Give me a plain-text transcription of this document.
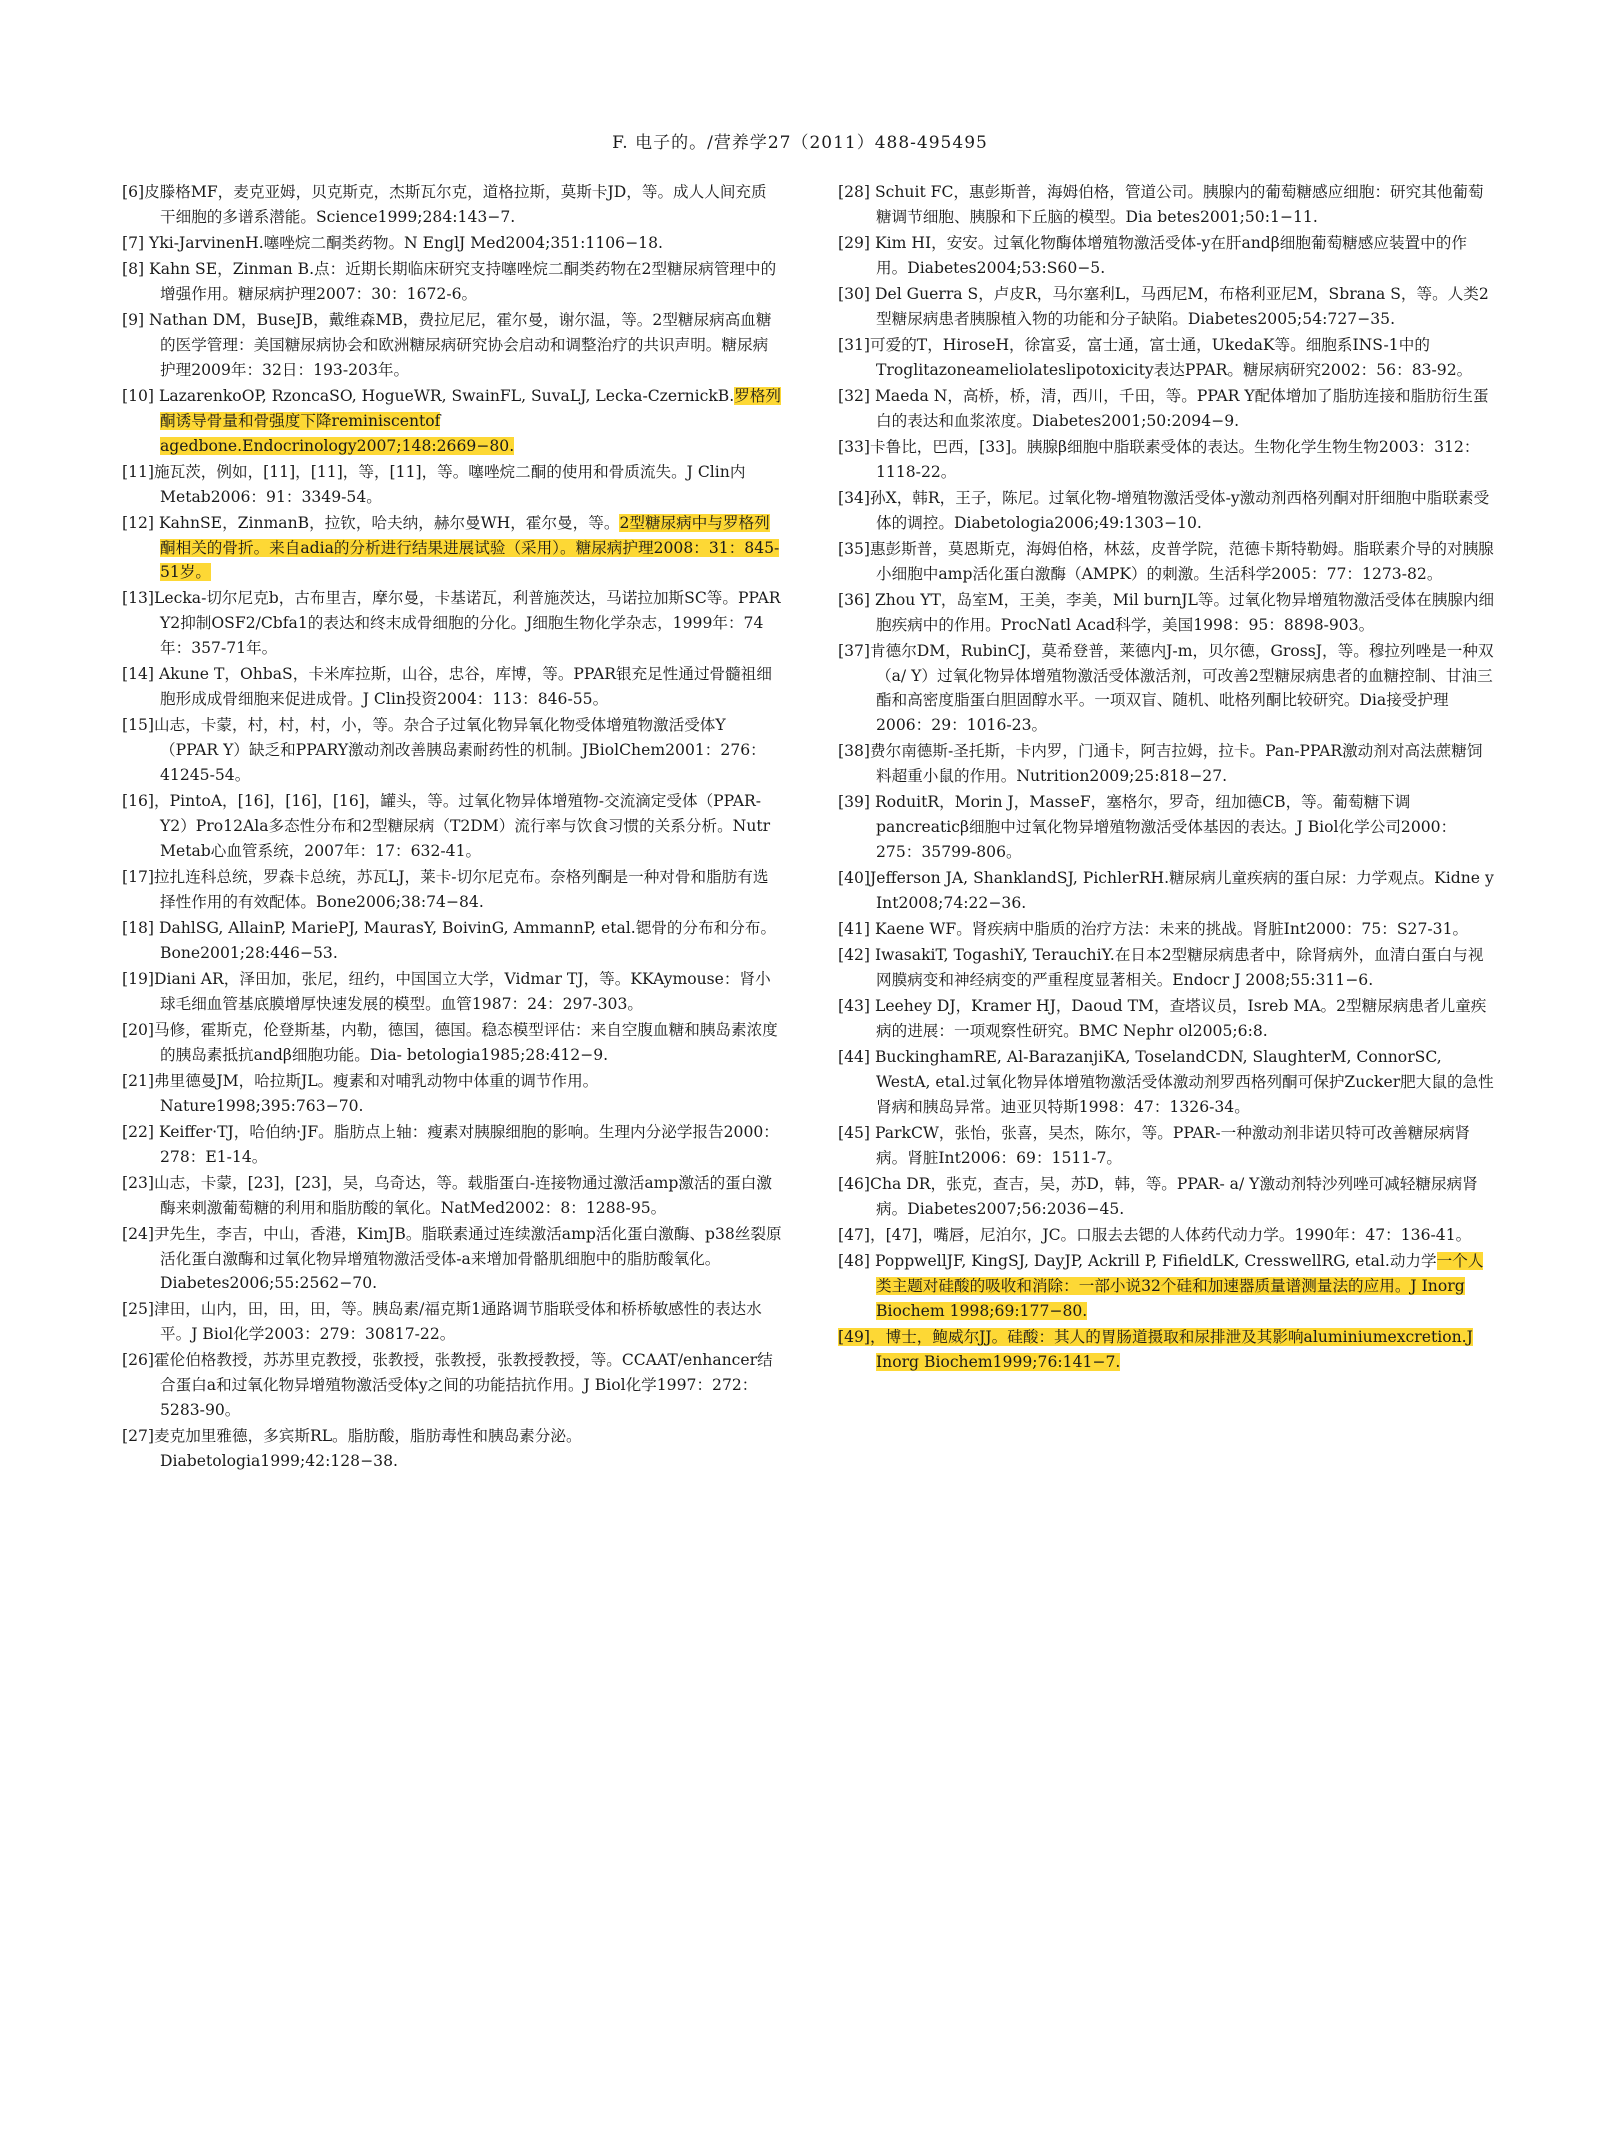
F. 电子的。/营养学27（2011）488-495495

[6]皮滕格MF，麦克亚姆，贝克斯克，杰斯瓦尔克，道格拉斯，莫斯卡JD，等。成人人间充质干细胞的多谱系潜能。Science1999;284:143−7.

[7] Yki-JarvinenH.噻唑烷二酮类药物。N EnglJ Med2004;351:1106−18.

[8] Kahn SE，Zinman B.点：近期长期临床研究支持噻唑烷二酮类药物在2型糖尿病管理中的增强作用。糖尿病护理2007：30：1672-6。

[9] Nathan DM，BuseJB，戴维森MB，费拉尼尼，霍尔曼，谢尔温，等。2型糖尿病高血糖的医学管理：美国糖尿病协会和欧洲糖尿病研究协会启动和调整治疗的共识声明。糖尿病护理2009年：32日：193-203年。

[10] LazarenkoOP, RzoncaSO, HogueWR, SwainFL, SuvaLJ, Lecka-CzernickB.罗格列酮诱导骨量和骨强度下降reminiscentof agedbone.Endocrinology2007;148:2669−80.

[11]施瓦茨，例如，[11]，[11]，等，[11]，等。噻唑烷二酮的使用和骨质流失。J Clin内Metab2006：91：3349-54。

[12] KahnSE，ZinmanB，拉钦，哈夫纳，赫尔曼WH，霍尔曼，等。2型糖尿病中与罗格列酮相关的骨折。来自adia的分析进行结果进展试验（采用）。糖尿病护理2008：31：845-51岁。

[13]Lecka-切尔尼克b，古布里吉，摩尔曼，卡基诺瓦，利普施茨达，马诺拉加斯SC等。PPAR Y2抑制OSF2/Cbfa1的表达和终末成骨细胞的分化。J细胞生物化学杂志，1999年：74年：357-71年。

[14] Akune T，OhbaS，卡米库拉斯，山谷，忠谷，库博，等。PPAR银充足性通过骨髓祖细胞形成成骨细胞来促进成骨。J Clin投资2004：113：846-55。

[15]山志，卡蒙，村，村，村，小，等。杂合子过氧化物异氧化物受体增殖物激活受体Y（PPAR Y）缺乏和PPARY激动剂改善胰岛素耐药性的机制。JBiolChem2001：276：41245-54。

[16]，PintoA，[16]，[16]，[16]，罐头，等。过氧化物异体增殖物-交流滴定受体（PPAR- Y2）Pro12Ala多态性分布和2型糖尿病（T2DM）流行率与饮食习惯的关系分析。Nutr Metab心血管系统，2007年：17：632-41。

[17]拉扎连科总统，罗森卡总统，苏瓦LJ，莱卡-切尔尼克布。奈格列酮是一种对骨和脂肪有选择性作用的有效配体。Bone2006;38:74−84.

[18] DahlSG, AllainP, MariePJ, MaurasY, BoivinG, AmmannP, etal.锶骨的分布和分布。Bone2001;28:446−53.

[19]Diani AR，泽田加，张尼，纽约，中国国立大学，Vidmar TJ，等。KKAymouse：肾小球毛细血管基底膜增厚快速发展的模型。血管1987：24：297-303。

[20]马修，霍斯克，伦登斯基，内勒，德国，德国。稳态模型评估：来自空腹血糖和胰岛素浓度的胰岛素抵抗andβ细胞功能。Dia- betologia1985;28:412−9.

[21]弗里德曼JM，哈拉斯JL。瘦素和对哺乳动物中体重的调节作用。Nature1998;395:763−70.

[22] Keiffer·TJ，哈伯纳·JF。脂肪点上轴：瘦素对胰腺细胞的影响。生理内分泌学报告2000：278：E1-14。

[23]山志，卡蒙，[23]，[23]，吴，乌奇达，等。载脂蛋白-连接物通过激活amp激活的蛋白激酶来刺激葡萄糖的利用和脂肪酸的氧化。NatMed2002：8：1288-95。

[24]尹先生，李吉，中山，香港，KimJB。脂联素通过连续激活amp活化蛋白激酶、p38丝裂原活化蛋白激酶和过氧化物异增殖物激活受体-a来增加骨骼肌细胞中的脂肪酸氧化。Diabetes2006;55:2562−70.

[25]津田，山内，田，田，田，等。胰岛素/福克斯1通路调节脂联受体和桥桥敏感性的表达水平。J Biol化学2003：279：30817-22。

[26]霍伦伯格教授，苏苏里克教授，张教授，张教授，张教授教授，等。CCAAT/enhancer结合蛋白a和过氧化物异增殖物激活受体y之间的功能拮抗作用。J Biol化学1997：272：5283-90。

[27]麦克加里雅德，多宾斯RL。脂肪酸，脂肪毒性和胰岛素分泌。Diabetologia1999;42:128−38.

[28] Schuit FC，惠彭斯普，海姆伯格，管道公司。胰腺内的葡萄糖感应细胞：研究其他葡萄糖调节细胞、胰腺和下丘脑的模型。Dia betes2001;50:1−11.

[29] Kim HI，安安。过氧化物酶体增殖物激活受体-y在肝andβ细胞葡萄糖感应装置中的作用。Diabetes2004;53:S60−5.

[30] Del Guerra S，卢皮R，马尔塞利L，马西尼M，布格利亚尼M，Sbrana S，等。人类2型糖尿病患者胰腺植入物的功能和分子缺陷。Diabetes2005;54:727−35.

[31]可爱的T，HiroseH，徐富妥，富士通，富士通，UkedaK等。细胞系INS-1中的Troglitazoneameliolateslipotoxicity表达PPAR。糖尿病研究2002：56：83-92。

[32] Maeda N，高桥，桥，清，西川，千田，等。PPAR Y配体增加了脂肪连接和脂肪衍生蛋白的表达和血浆浓度。Diabetes2001;50:2094−9.

[33]卡鲁比，巴西，[33]。胰腺β细胞中脂联素受体的表达。生物化学生物生物2003：312：1118-22。

[34]孙X，韩R，王子，陈尼。过氧化物-增殖物激活受体-y激动剂西格列酮对肝细胞中脂联素受体的调控。Diabetologia2006;49:1303−10.

[35]惠彭斯普，莫恩斯克，海姆伯格，林兹，皮普学院，范德卡斯特勒姆。脂联素介导的对胰腺小细胞中amp活化蛋白激酶（AMPK）的刺激。生活科学2005：77：1273-82。

[36] Zhou YT，岛室M，王美，李美，Mil burnJL等。过氧化物异增殖物激活受体在胰腺内细胞疾病中的作用。ProcNatl Acad科学，美国1998：95：8898-903。

[37]肯德尔DM，RubinCJ，莫希登普，莱德内J-m，贝尔德，GrossJ，等。穆拉列唑是一种双（a/ Y）过氧化物异体增殖物激活受体激活剂，可改善2型糖尿病患者的血糖控制、甘油三酯和高密度脂蛋白胆固醇水平。一项双盲、随机、吡格列酮比较研究。Dia接受护理2006：29：1016-23。

[38]费尔南德斯-圣托斯，卡内罗，门通卡，阿吉拉姆，拉卡。Pan-PPAR激动剂对高法蔗糖饲料超重小鼠的作用。Nutrition2009;25:818−27.

[39] RoduitR，Morin J，MasseF，塞格尔，罗奇，纽加德CB，等。葡萄糖下调pancreaticβ细胞中过氧化物异增殖物激活受体基因的表达。J Biol化学公司2000：275：35799-806。

[40]Jefferson JA, ShanklandSJ, PichlerRH.糖尿病儿童疾病的蛋白尿：力学观点。Kidne y Int2008;74:22−36.

[41] Kaene WF。肾疾病中脂质的治疗方法：未来的挑战。肾脏Int2000：75：S27-31。

[42] IwasakiT, TogashiY, TerauchiY.在日本2型糖尿病患者中，除肾病外，血清白蛋白与视网膜病变和神经病变的严重程度显著相关。Endocr J 2008;55:311−6.

[43] Leehey DJ，Kramer HJ，Daoud TM，查塔议员，Isreb MA。2型糖尿病患者儿童疾病的进展：一项观察性研究。BMC Nephr ol2005;6:8.

[44] BuckinghamRE, Al-BarazanjiKA, ToselandCDN, SlaughterM, ConnorSC, WestA, etal.过氧化物异体增殖物激活受体激动剂罗西格列酮可保护Zucker肥大鼠的急性肾病和胰岛异常。迪亚贝特斯1998：47：1326-34。

[45] ParkCW，张怡，张喜，吴杰，陈尔，等。PPAR-一种激动剂非诺贝特可改善糖尿病肾病。肾脏Int2006：69：1511-7。

[46]Cha DR，张克，查吉，吴，苏D，韩，等。PPAR- a/ Y激动剂特沙列唑可减轻糖尿病肾病。Diabetes2007;56:2036−45.

[47]，[47]，嘴唇，尼泊尔，JC。口服去去锶的人体药代动力学。1990年：47：136-41。

[48] PoppwellJF, KingSJ, DayJP, Ackrill P, FifieldLK, CresswellRG, etal.动力学一个人类主题对硅酸的吸收和消除：一部小说32个硅和加速器质量谱测量法的应用。J Inorg Biochem 1998;69:177−80.

[49]，博士，鲍威尔JJ。硅酸：其人的胃肠道摄取和尿排泄及其影响aluminiumexcretion.J Inorg Biochem1999;76:141−7.
